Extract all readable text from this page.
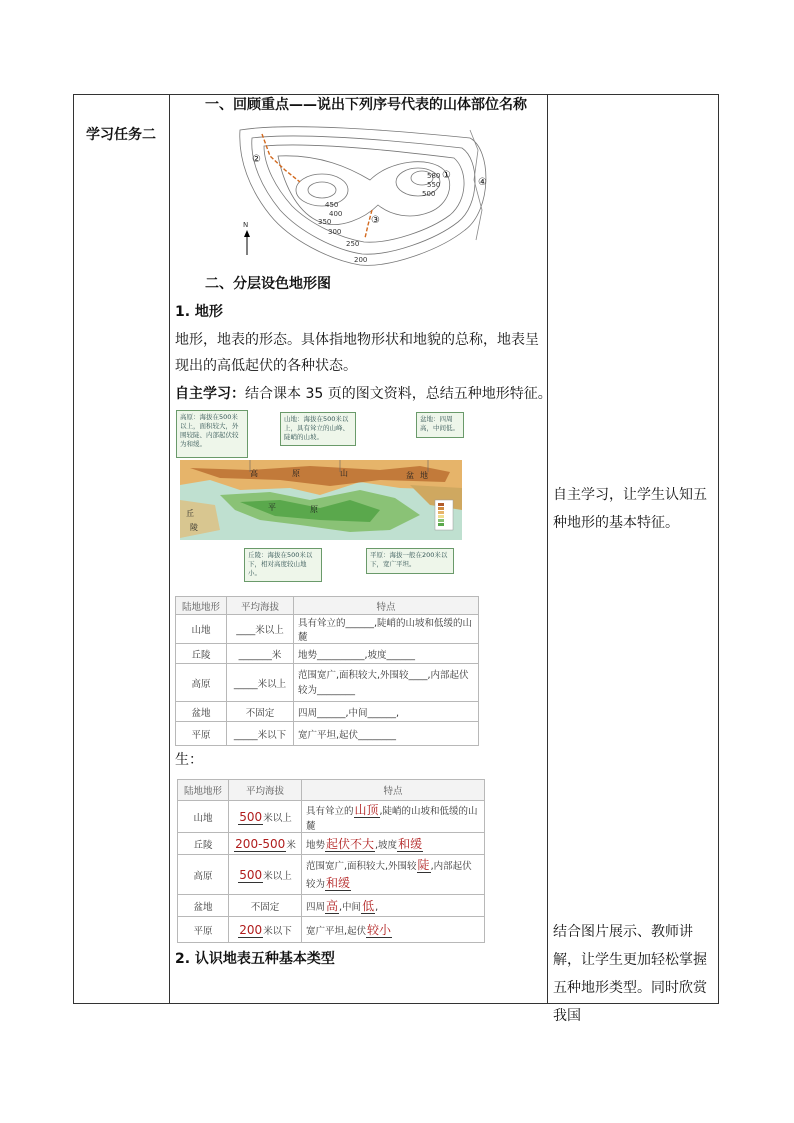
学习任务二
一、回顾重点——说出下列序号代表的山体部位名称
N
580
550
500
450
400
350
300
250
200
①
②
③
④
二、分层设色地形图
1. 地形
地形，地表的形态。具体指地物形状和地貌的总称，地表呈现出的高低起伏的各种状态。
自主学习：结合课本 35 页的图文资料，总结五种地形特征。
高	原	山	盆 地
平	原
丘
陵
高原：海拔在500米以上，面积较大，外围较陡、内部起伏较为和缓。
山地：海拔在500米以上，具有耸立的山峰、陡峭的山坡。
盆地：四周高，中间低。
丘陵：海拔在500米以下，相对高度较山地小。
平原：海拔一般在200米以下，宽广平坦。
陆地地形	平均海拔	特点
山地	____米以上	具有耸立的______,陡峭的山坡和低缓的山麓
丘陵	_______米	地势__________,坡度______
高原	_____米以上	范围宽广,面积较大,外围较____,内部起伏较为________
盆地	不固定	四周______,中间______,
平原	_____米以下	宽广平坦,起伏________
生：
陆地地形	平均海拔	特点
山地	500米以上	具有耸立的山顶,陡峭的山坡和低缓的山麓
丘陵	200-500米	地势起伏不大,坡度和缓
高原	500米以上	范围宽广,面积较大,外围较陡,内部起伏
较为和缓
盆地	不固定	四周高,中间低,
平原	200米以下	宽广平坦,起伏较小
2. 认识地表五种基本类型
自主学习，让学生认知五种地形的基本特征。
结合图片展示、教师讲解，让学生更加轻松掌握五种地形类型。同时欣赏我国
